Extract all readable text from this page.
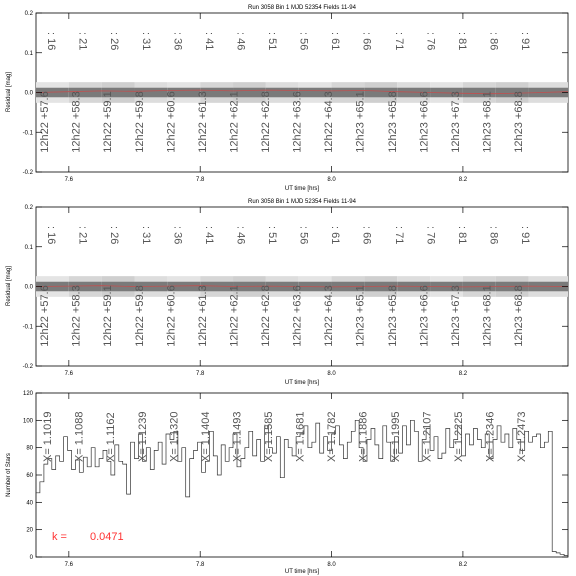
Run 3058 Bin 1 MJD 52354 Fields 11-94
Residual [mag]
UT time [hrs]
: 16
12h22 +57.6
: 21
12h22 +58.3
: 26
12h22 +59.1
: 31
12h22 +59.8
: 36
12h22 +60.6
: 41
12h22 +61.3
: 46
12h22 +62.1
: 51
12h22 +62.8
: 56
12h22 +63.6
: 61
12h22 +64.3
: 66
12h23 +65.1
: 71
12h23 +65.8
: 76
12h23 +66.6
: 81
12h23 +67.3
: 86
12h23 +68.1
: 91
12h23 +68.8
7.6	7.8	8.0	8.2
-0.2
-0.1
0.0
0.1
0.2
Run 3058 Bin 1 MJD 52354 Fields 11-94
Residual [mag]
UT time [hrs]
: 16
12h22 +57.6
: 21
12h22 +58.3
: 26
12h22 +59.1
: 31
12h22 +59.8
: 36
12h22 +60.6
: 41
12h22 +61.3
: 46
12h22 +62.1
: 51
12h22 +62.8
: 56
12h22 +63.6
: 61
12h22 +64.3
: 66
12h23 +65.1
: 71
12h23 +65.8
: 76
12h23 +66.6
: 81
12h23 +67.3
: 86
12h23 +68.1
: 91
12h23 +68.8
7.6	7.8	8.0	8.2
-0.2
-0.1
0.0
0.1
0.2
Number of Stars
UT time [hrs]
X= 1.1019 X= 1.1088 X= 1.1162 X= 1.1239 X= 1.1320 X= 1.1404 X= 1.1493 X= 1.1585 X= 1.1681 X= 1.1782 X= 1.1886 X= 1.1995 X= 1.2107 X= 1.2225 X= 1.2346 X= 1.2473
7.6	7.8	8.0	8.2
0
20
40
60
80
100
120
k = 0.0471
